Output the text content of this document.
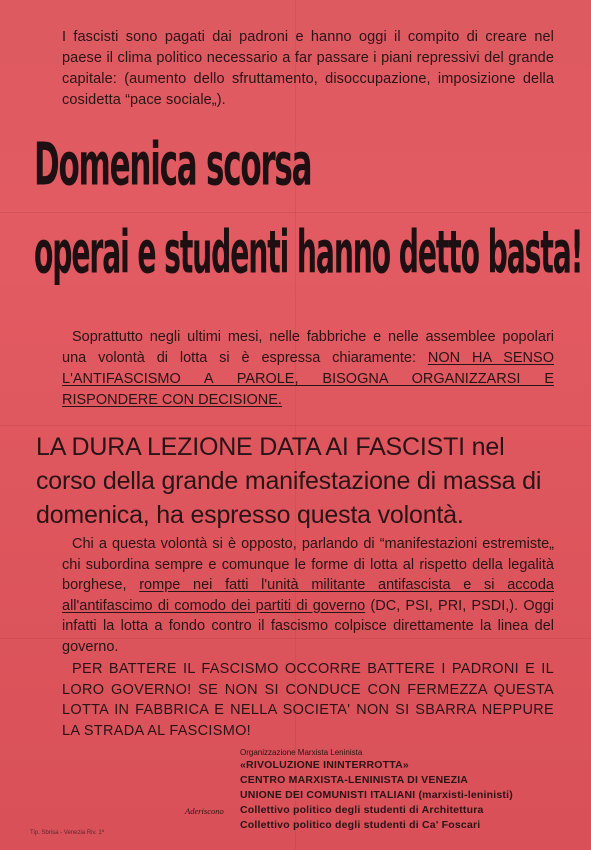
I fascisti sono pagati dai padroni e hanno oggi il compito di creare nel paese il clima politico necessario a far passare i piani repressivi del grande capitale: (aumento dello sfruttamento, disoccupazione, imposizione della cosidetta “pace sociale„).

Domenica scorsa
operai e studenti hanno detto basta!

Soprattutto negli ultimi mesi, nelle fabbriche e nelle assemblee popolari una volontà di lotta si è espressa chiaramente: NON HA SENSO L'ANTIFASCISMO A PAROLE, BISOGNA ORGANIZZARSI E RISPONDERE CON DECISIONE.

LA DURA LEZIONE DATA AI FASCISTI nel corso della grande manifestazione di massa di domenica, ha espresso questa volontà.

Chi a questa volontà si è opposto, parlando di “manifestazioni estremiste„ chi subordina sempre e comunque le forme di lotta al rispetto della legalità borghese, rompe nei fatti l'unità militante antifascista e si accoda all'antifascimo di comodo dei partiti di governo (DC, PSI, PRI, PSDI,). Oggi infatti la lotta a fondo contro il fascismo colpisce direttamente la linea del governo.

PER BATTERE IL FASCISMO OCCORRE BATTERE I PADRONI E IL LORO GOVERNO! SE NON SI CONDUCE CON FERMEZZA QUESTA LOTTA IN FABBRICA E NELLA SOCIETA' NON SI SBARRA NEPPURE LA STRADA AL FASCISMO!

Organizzazione Marxista Leninista
«RIVOLUZIONE ININTERROTTA»
CENTRO MARXISTA-LENINISTA DI VENEZIA
UNIONE DEI COMUNISTI ITALIANI (marxisti-leninisti)
Collettivo politico degli studenti di Architettura
Collettivo politico degli studenti di Ca' Foscari
Aderiscono
Tip. Sbrisa - Venezia Riv. 1ª
